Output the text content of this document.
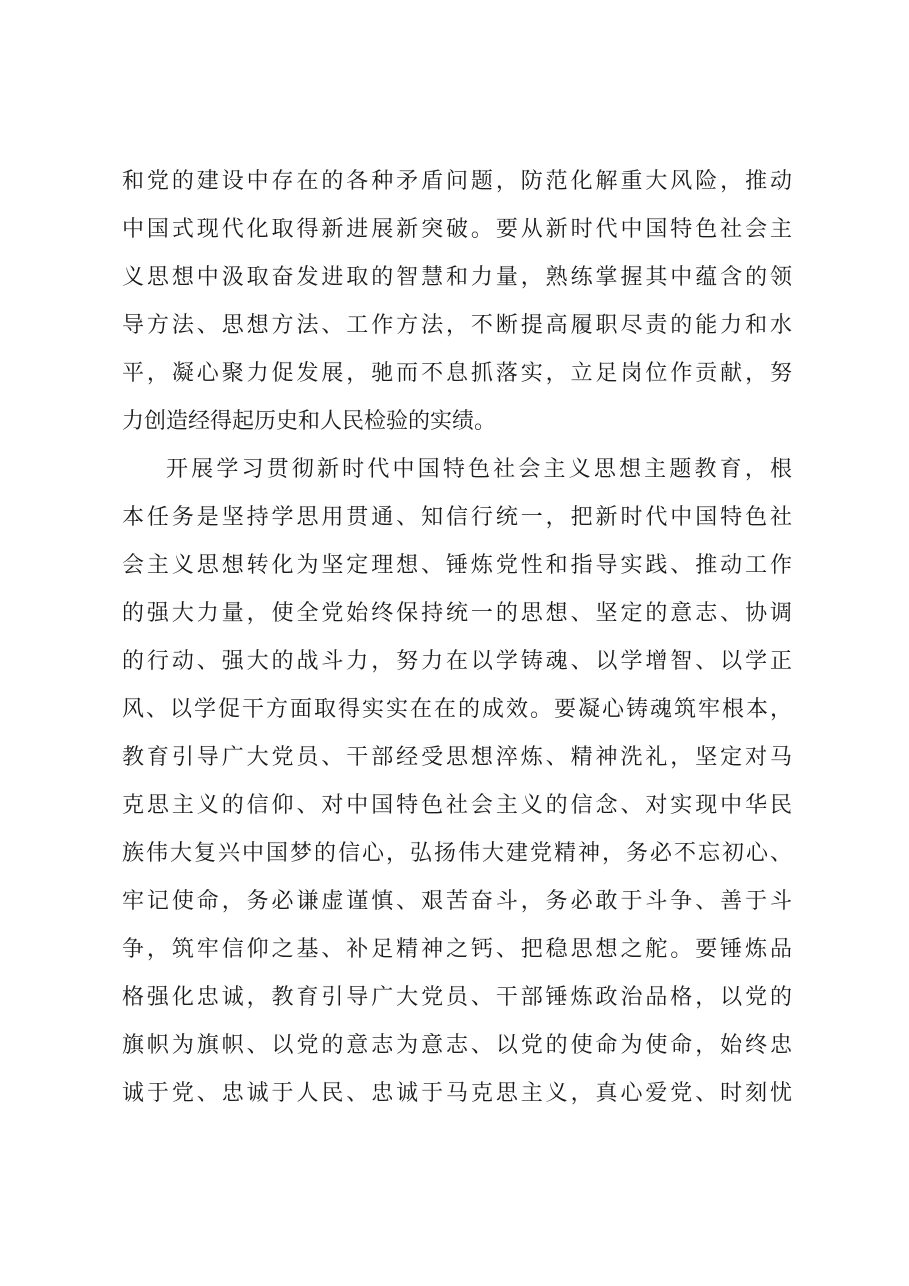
和党的建设中存在的各种矛盾问题，防范化解重大风险，推动
中国式现代化取得新进展新突破。要从新时代中国特色社会主
义思想中汲取奋发进取的智慧和力量，熟练掌握其中蕴含的领
导方法、思想方法、工作方法，不断提高履职尽责的能力和水
平，凝心聚力促发展，驰而不息抓落实，立足岗位作贡献，努
力创造经得起历史和人民检验的实绩。
开展学习贯彻新时代中国特色社会主义思想主题教育，根
本任务是坚持学思用贯通、知信行统一，把新时代中国特色社
会主义思想转化为坚定理想、锤炼党性和指导实践、推动工作
的强大力量，使全党始终保持统一的思想、坚定的意志、协调
的行动、强大的战斗力，努力在以学铸魂、以学增智、以学正
风、以学促干方面取得实实在在的成效。要凝心铸魂筑牢根本，
教育引导广大党员、干部经受思想淬炼、精神洗礼，坚定对马
克思主义的信仰、对中国特色社会主义的信念、对实现中华民
族伟大复兴中国梦的信心，弘扬伟大建党精神，务必不忘初心、
牢记使命，务必谦虚谨慎、艰苦奋斗，务必敢于斗争、善于斗
争，筑牢信仰之基、补足精神之钙、把稳思想之舵。要锤炼品
格强化忠诚，教育引导广大党员、干部锤炼政治品格，以党的
旗帜为旗帜、以党的意志为意志、以党的使命为使命，始终忠
诚于党、忠诚于人民、忠诚于马克思主义，真心爱党、时刻忧
